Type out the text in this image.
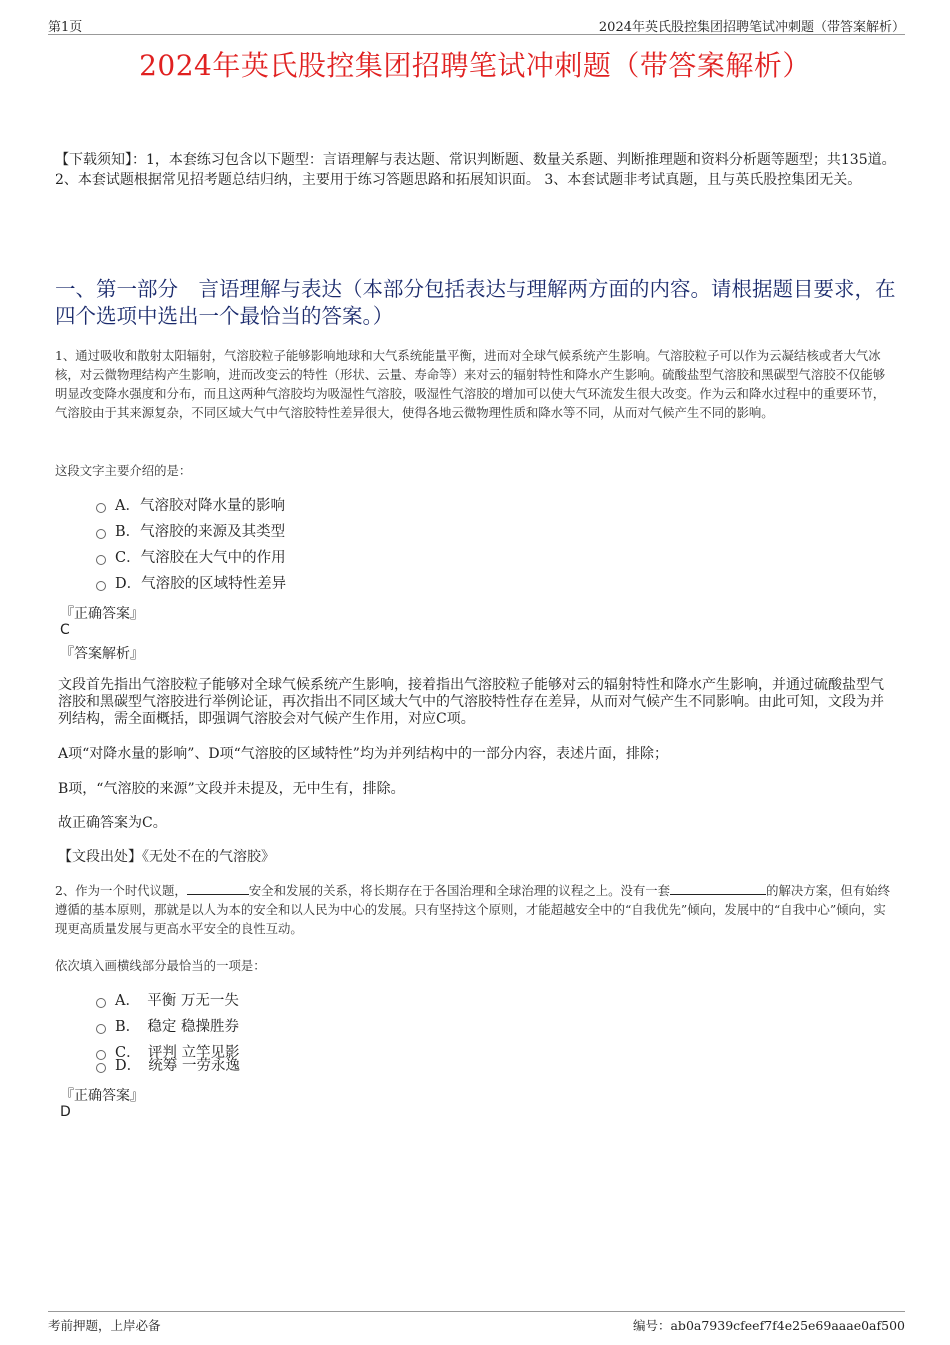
第1页	2024年英氏股控集团招聘笔试冲刺题（带答案解析）
2024年英氏股控集团招聘笔试冲刺题（带答案解析）
【下载须知】：1，本套练习包含以下题型：言语理解与表达题、常识判断题、数量关系题、判断推理题和资料分析题等题型；共135道。 2、本套试题根据常见招考题总结归纳，主要用于练习答题思路和拓展知识面。 3、本套试题非考试真题，且与英氏股控集团无关。
一、第一部分　言语理解与表达（本部分包括表达与理解两方面的内容。请根据题目要求，在四个选项中选出一个最恰当的答案。）
1、通过吸收和散射太阳辐射，气溶胶粒子能够影响地球和大气系统能量平衡，进而对全球气候系统产生影响。气溶胶粒子可以作为云凝结核或者大气冰核，对云微物理结构产生影响，进而改变云的特性（形状、云量、寿命等）来对云的辐射特性和降水产生影响。硫酸盐型气溶胶和黑碳型气溶胶不仅能够明显改变降水强度和分布，而且这两种气溶胶均为吸湿性气溶胶，吸湿性气溶胶的增加可以使大气环流发生很大改变。作为云和降水过程中的重要环节，气溶胶由于其来源复杂，不同区域大气中气溶胶特性差异很大，使得各地云微物理性质和降水等不同，从而对气候产生不同的影响。
这段文字主要介绍的是：
A．气溶胶对降水量的影响
B．气溶胶的来源及其类型
C．气溶胶在大气中的作用
D．气溶胶的区域特性差异
『正确答案』
C
『答案解析』
文段首先指出气溶胶粒子能够对全球气候系统产生影响，接着指出气溶胶粒子能够对云的辐射特性和降水产生影响，并通过硫酸盐型气溶胶和黑碳型气溶胶进行举例论证，再次指出不同区域大气中的气溶胶特性存在差异，从而对气候产生不同影响。由此可知，文段为并列结构，需全面概括，即强调气溶胶会对气候产生作用，对应C项。
A项“对降水量的影响”、D项“气溶胶的区域特性”均为并列结构中的一部分内容，表述片面，排除；
B项，“气溶胶的来源”文段并未提及，无中生有，排除。
故正确答案为C。
【文段出处】《无处不在的气溶胶》
2、作为一个时代议题，	安全和发展的关系，将长期存在于各国治理和全球治理的议程之上。没有一套	的解决方案，但有始终遵循的基本原则，那就是以人为本的安全和以人民为中心的发展。只有坚持这个原则，才能超越安全中的“自我优先”倾向，发展中的“自我中心”倾向，实现更高质量发展与更高水平安全的良性互动。
依次填入画横线部分最恰当的一项是：
A．　平衡 万无一失
B．　稳定 稳操胜券
C．　评判 立竿见影
D．　统筹 一劳永逸
『正确答案』
D
考前押题，上岸必备	编号：ab0a7939cfeef7f4e25e69aaae0af500
